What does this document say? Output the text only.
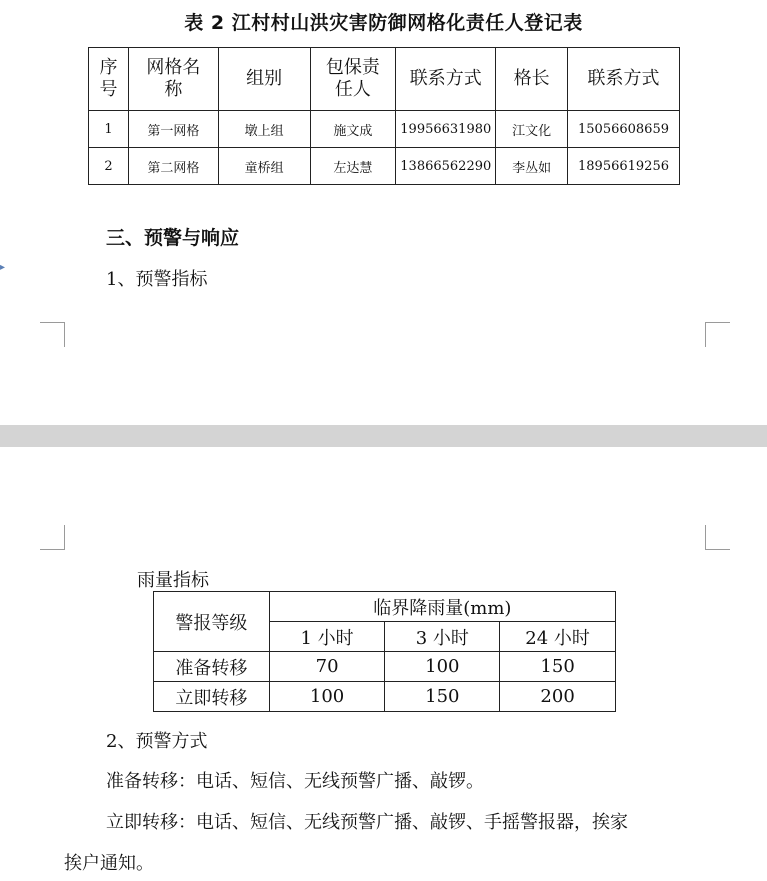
▸
表 2 江村村山洪灾害防御网格化责任人登记表
序号	网格名称	组别	包保责任人	联系方式	格长	联系方式
1	第一网格	墩上组	施文成	19956631980	江文化	15056608659
2	第二网格	童桥组	左达慧	13866562290	李丛如	18956619256
三、预警与响应
1、预警指标
雨量指标
警报等级	临界降雨量(mm)		
	1 小时	3 小时	24 小时
准备转移	70	100	150
立即转移	100	150	200
2、预警方式
准备转移：电话、短信、无线预警广播、敲锣。
立即转移：电话、短信、无线预警广播、敲锣、手摇警报器，挨家
挨户通知。
